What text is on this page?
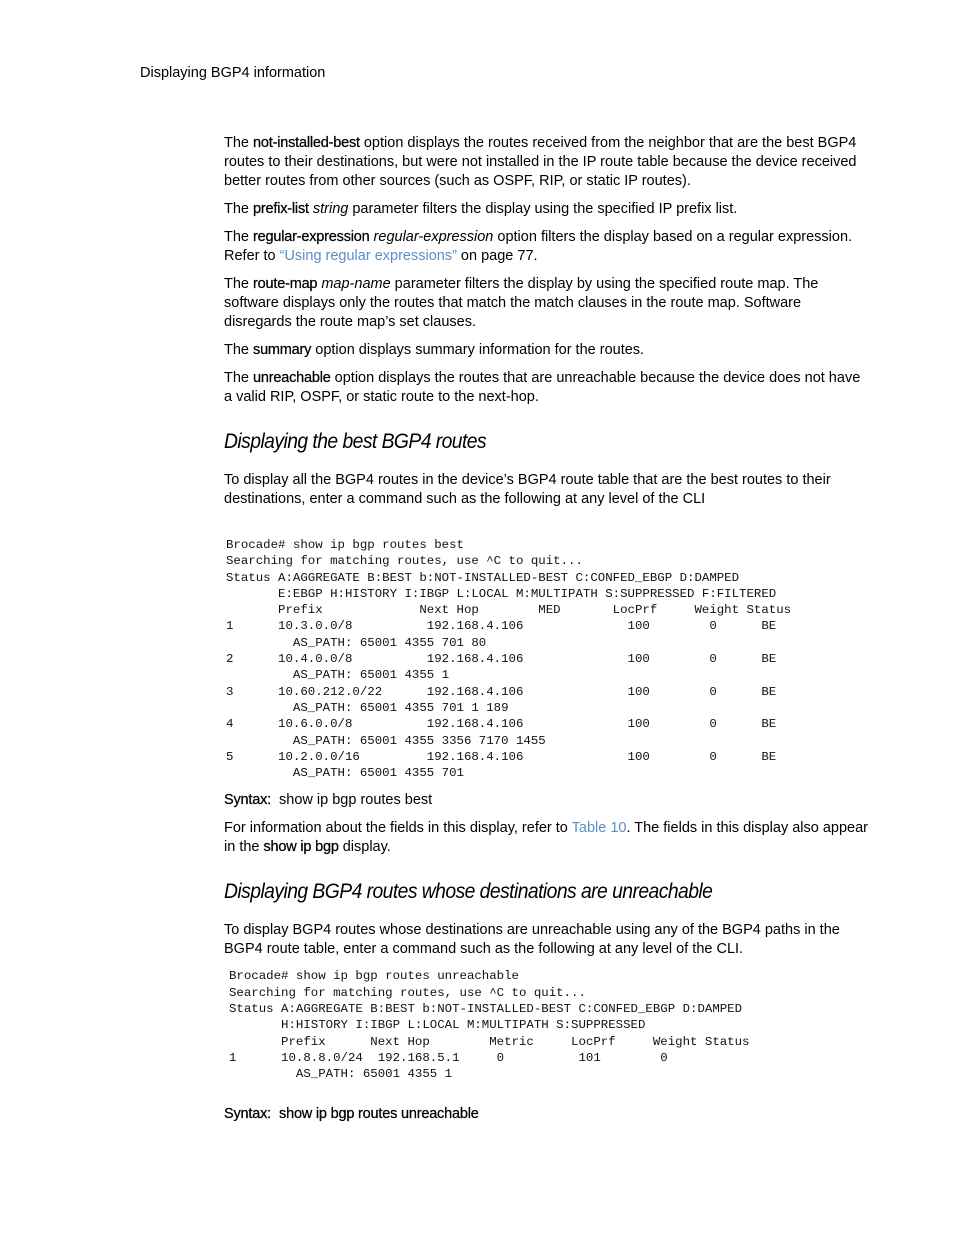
Displaying BGP4 information

The not-installed-best option displays the routes received from the neighbor that are the best BGP4 routes to their destinations, but were not installed in the IP route table because the device received better routes from other sources (such as OSPF, RIP, or static IP routes).

The prefix-list string parameter filters the display using the specified IP prefix list.

The regular-expression regular-expression option filters the display based on a regular expression. Refer to “Using regular expressions” on page 77.

The route-map map-name parameter filters the display by using the specified route map. The software displays only the routes that match the match clauses in the route map. Software disregards the route map’s set clauses.

The summary option displays summary information for the routes.

The unreachable option displays the routes that are unreachable because the device does not have a valid RIP, OSPF, or static route to the next-hop.

Displaying the best BGP4 routes

To display all the BGP4 routes in the device’s BGP4 route table that are the best routes to their destinations, enter a command such as the following at any level of the CLI

Brocade# show ip bgp routes best
Searching for matching routes, use ^C to quit...
Status A:AGGREGATE B:BEST b:NOT-INSTALLED-BEST C:CONFED_EBGP D:DAMPED
E:EBGP H:HISTORY I:IBGP L:LOCAL M:MULTIPATH S:SUPPRESSED F:FILTERED
Prefix             Next Hop        MED       LocPrf     Weight Status
1      10.3.0.0/8          192.168.4.106              100        0      BE
AS_PATH: 65001 4355 701 80
2      10.4.0.0/8          192.168.4.106              100        0      BE
AS_PATH: 65001 4355 1
3      10.60.212.0/22      192.168.4.106              100        0      BE
AS_PATH: 65001 4355 701 1 189
4      10.6.0.0/8          192.168.4.106              100        0      BE
AS_PATH: 65001 4355 3356 7170 1455
5      10.2.0.0/16         192.168.4.106              100        0      BE
AS_PATH: 65001 4355 701

Syntax: show ip bgp routes best

For information about the fields in this display, refer to Table 10. The fields in this display also appear in the show ip bgp display.

Displaying BGP4 routes whose destinations are unreachable

To display BGP4 routes whose destinations are unreachable using any of the BGP4 paths in the BGP4 route table, enter a command such as the following at any level of the CLI.

Brocade# show ip bgp routes unreachable
Searching for matching routes, use ^C to quit...
Status A:AGGREGATE B:BEST b:NOT-INSTALLED-BEST C:CONFED_EBGP D:DAMPED
H:HISTORY I:IBGP L:LOCAL M:MULTIPATH S:SUPPRESSED
Prefix      Next Hop        Metric     LocPrf     Weight Status
1      10.8.8.0/24  192.168.5.1     0          101        0
AS_PATH: 65001 4355 1

Syntax: show ip bgp routes unreachable
